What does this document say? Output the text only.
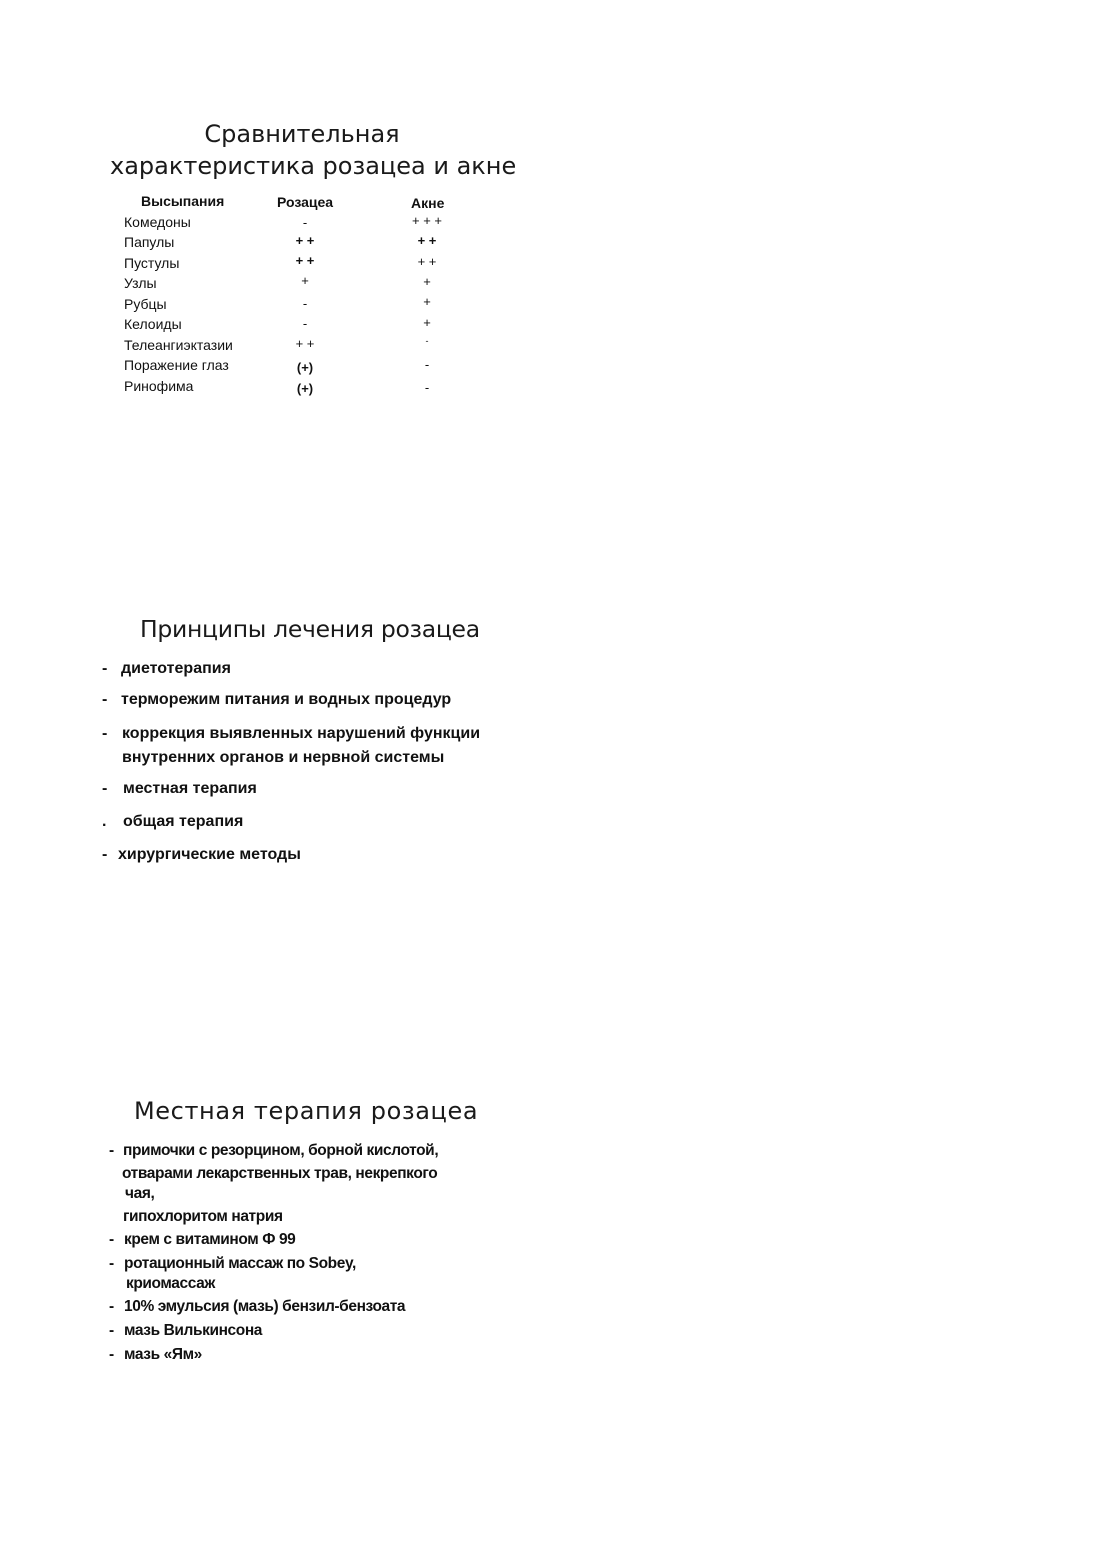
Сравнительная
характеристика розацеа и акне
Высыпания	Розацеа	Акне
Комедоны	-	+ + +
Папулы	+ +	+ +
Пустулы	+ +	+ +
Узлы	+	+
Рубцы	-	+
Келоиды	-	+
Телеангиэктазии	+ +	-
Поражение глаз	(+)	-
Ринофима	(+)	-
Принципы лечения розацеа
- диетотерапия
- терморежим питания и водных процедур
- коррекция выявленных нарушений функции
внутренних органов и нервной системы
- местная терапия
. общая терапия
- хирургические методы
Местная терапия розацеа
- примочки с резорцином, борной кислотой,
отварами лекарственных трав, некрепкого
чая,
гипохлоритом натрия
- крем с витамином Ф 99
- ротационный массаж по Sobey,
криомассаж
- 10% эмульсия (мазь) бензил-бензоата
- мазь Вилькинсона
- мазь «Ям»
